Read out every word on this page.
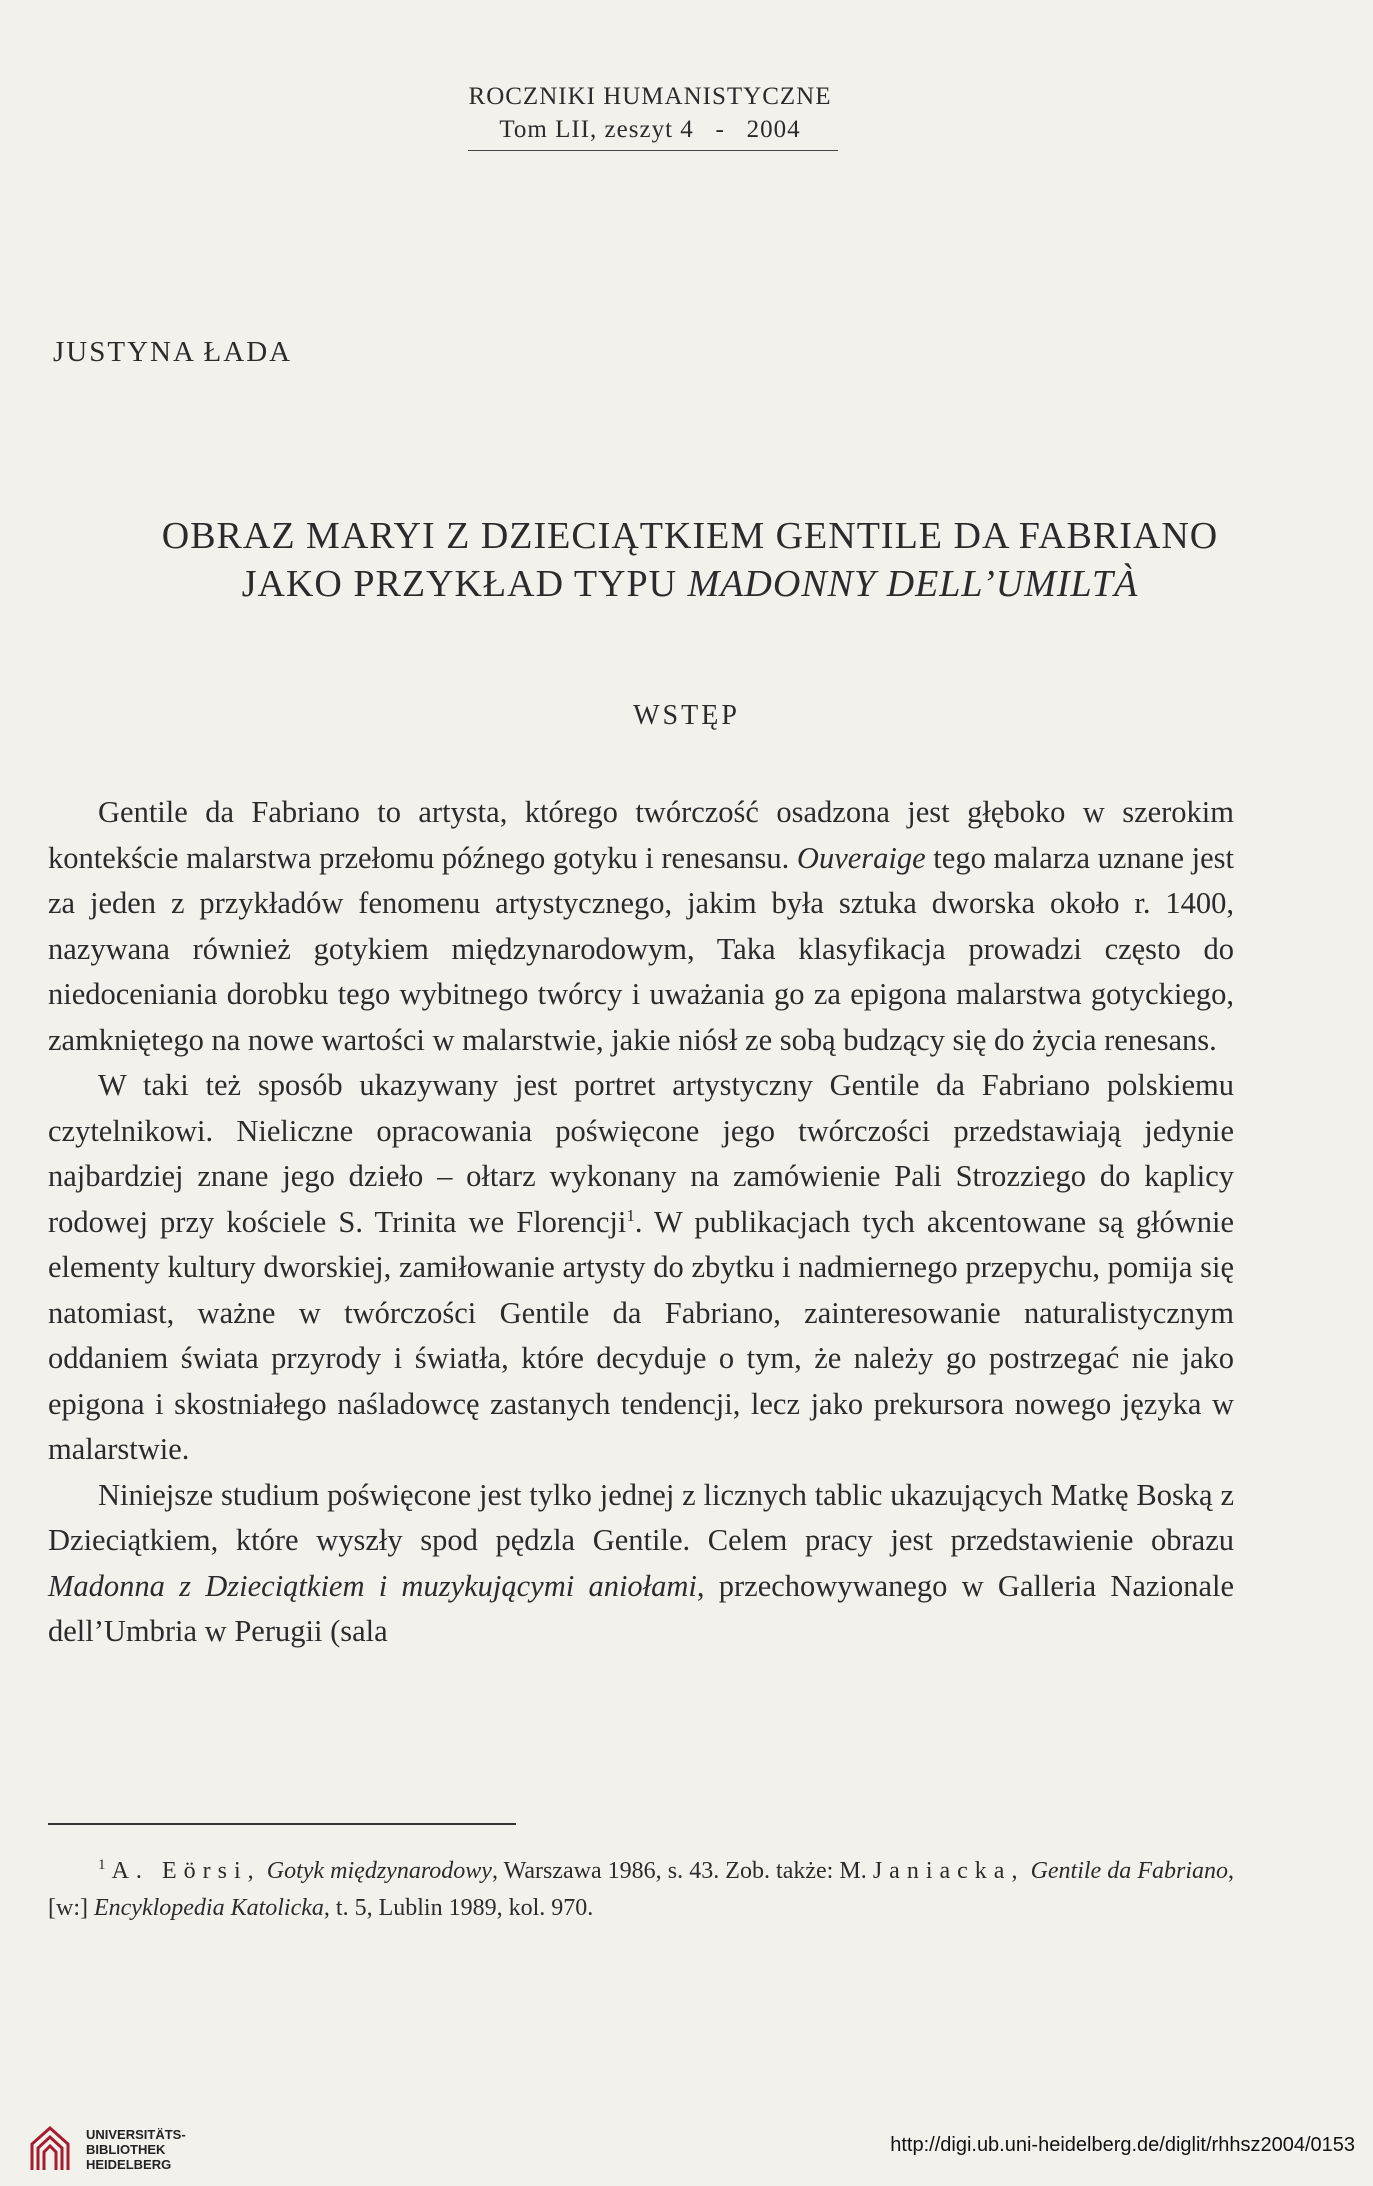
ROCZNIKI HUMANISTYCZNE
Tom LII, zeszyt 4   -   2004
JUSTYNA ŁADA
OBRAZ MARYI Z DZIECIĄTKIEM GENTILE DA FABRIANO
JAKO PRZYKŁAD TYPU MADONNY DELL’UMILTÀ
WSTĘP

Gentile da Fabriano to artysta, którego twórczość osadzona jest głęboko w szerokim kontekście malarstwa przełomu późnego gotyku i renesansu. Ouveraige tego malarza uznane jest za jeden z przykładów fenomenu artystycznego, jakim była sztuka dworska około r. 1400, nazywana również gotykiem międzynarodowym, Taka klasyfikacja prowadzi często do niedoceniania dorobku tego wybitnego twórcy i uważania go za epigona malarstwa gotyckiego, zamkniętego na nowe wartości w malarstwie, jakie niósł ze sobą budzący się do życia renesans.

W taki też sposób ukazywany jest portret artystyczny Gentile da Fabriano polskiemu czytelnikowi. Nieliczne opracowania poświęcone jego twórczości przedstawiają jedynie najbardziej znane jego dzieło – ołtarz wykonany na zamówienie Pali Strozziego do kaplicy rodowej przy kościele S. Trinita we Florencji$^1$. W publikacjach tych akcentowane są głównie elementy kultury dworskiej, zamiłowanie artysty do zbytku i nadmiernego przepychu, pomija się natomiast, ważne w twórczości Gentile da Fabriano, zainteresowanie naturalistycznym oddaniem świata przyrody i światła, które decyduje o tym, że należy go postrzegać nie jako epigona i skostniałego naśladowcę zastanych tendencji, lecz jako prekursora nowego języka w malarstwie.

Niniejsze studium poświęcone jest tylko jednej z licznych tablic ukazujących Matkę Boską z Dzieciątkiem, które wyszły spod pędzla Gentile. Celem pracy jest przedstawienie obrazu Madonna z Dzieciątkiem i muzykującymi aniołami, przechowywanego w Galleria Nazionale dell’Umbria w Perugii (sala

$^1$ A. Eörsi, Gotyk międzynarodowy, Warszawa 1986, s. 43. Zob. także: M. Janiacka, Gentile da Fabriano, [w:] Encyklopedia Katolicka, t. 5, Lublin 1989, kol. 970.
UNIVERSITÄTS-
BIBLIOTHEK
HEIDELBERG
http://digi.ub.uni-heidelberg.de/diglit/rhhsz2004/0153
